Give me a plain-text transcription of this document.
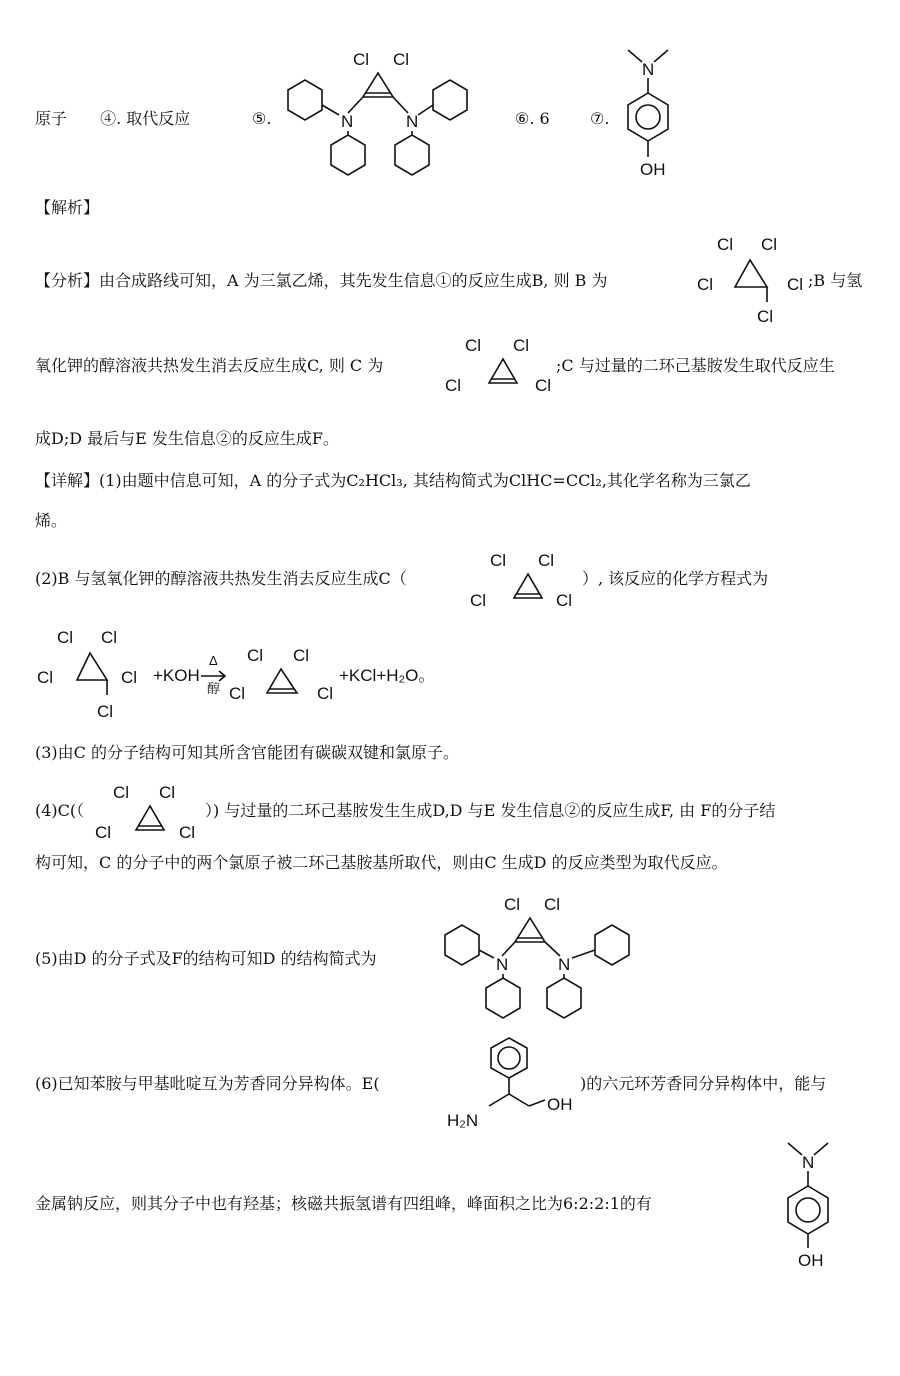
原子 ④. 取代反应	⑤.	⑥. 6	⑦.
Cl Cl
N	N
N
OH
【解析】
【分析】由合成路线可知，A 为三氯乙烯，其先发生信息①的反应生成B, 则 B 为
Cl Cl
Cl	Cl
Cl
;B 与氢
氧化钾的醇溶液共热发生消去反应生成C, 则 C 为
Cl Cl
Cl	Cl
;C 与过量的二环己基胺发生取代反应生
成D;D 最后与E 发生信息②的反应生成F。
【详解】(1)由题中信息可知，A 的分子式为C₂HCl₃, 其结构简式为ClHC=CCl₂,其化学名称为三氯乙
烯。
(2)B 与氢氧化钾的醇溶液共热发生消去反应生成C（
Cl Cl
Cl	Cl
）, 该反应的化学方程式为
Cl Cl
Cl	Cl
Cl
+KOH
Δ
醇
Cl Cl
Cl	Cl
+KCl+H₂O。
(3)由C 的分子结构可知其所含官能团有碳碳双键和氯原子。
(4)C(（
Cl Cl
Cl	Cl
）) 与过量的二环己基胺发生生成D,D 与E 发生信息②的反应生成F, 由 F的分子结
构可知，C 的分子中的两个氯原子被二环己基胺基所取代，则由C 生成D 的反应类型为取代反应。
(5)由D 的分子式及F的结构可知D 的结构简式为
Cl Cl
N	N
(6)已知苯胺与甲基吡啶互为芳香同分异构体。E(
OH
H₂N
)的六元环芳香同分异构体中，能与
金属钠反应，则其分子中也有羟基；核磁共振氢谱有四组峰，峰面积之比为6:2:2:1的有
N
OH
